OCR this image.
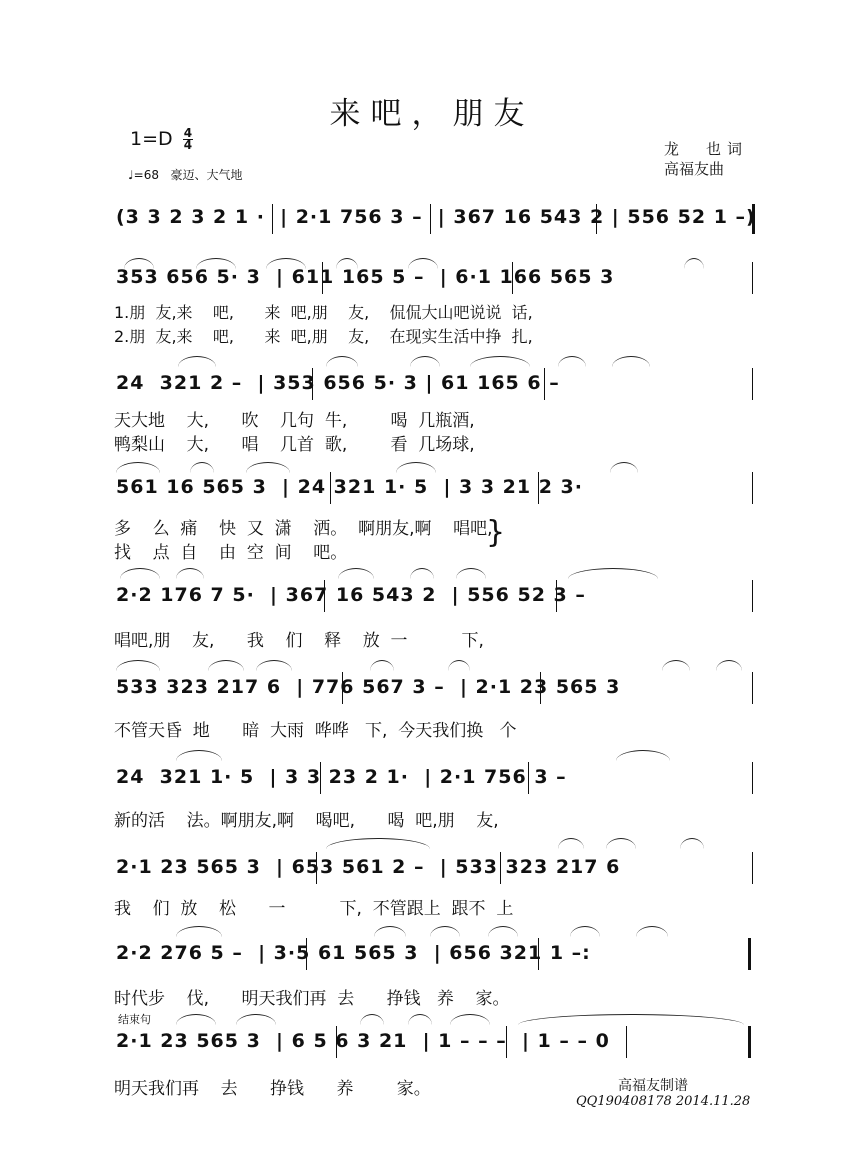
来吧，朋友
$1=D \frac{4}{4}$
♩=68 豪迈、大气地
龙　也词
高福友曲
(3 3 2 3 2 1 ·  | 2·1 756 3 –  | 367 16 543 2 | 556 52 1 –)
353 656 5· 3  | 611 165 5 –  | 6·1 166 565 3
1.朋  友,来    吧,      来  吧,朋    友,    侃侃大山吧说说  话,
2.朋  友,来    吧,      来  吧,朋    友,    在现实生活中挣  扎,
24  321 2 –  | 353 656 5· 3 | 61 165 6 –
天大地    大,      吹    几句  牛,        喝  几瓶酒,
鸭梨山    大,      唱    几首  歌,        看  几场球,
561 16 565 3  | 24 321 1· 5  | 3 3 21 2 3·
多    么  痛    快  又  潇    洒。  啊朋友,啊    唱吧,
找    点  自    由  空  间    吧。
}
2·2 176 7 5·  | 367 16 543 2  | 556 52 3 –
唱吧,朋    友,      我    们    释    放  一          下,
533 323 217 6  | 776 567 3 –  | 2·1 23 565 3
不管天昏  地      暗  大雨  哗哗   下,  今天我们换   个
24  321 1· 5  | 3 3 23 2 1·  | 2·1 756 3 –
新的活    法。啊朋友,啊    喝吧,      喝  吧,朋    友,
2·1 23 565 3  | 653 561 2 –  | 533 323 217 6
我    们  放    松      一          下,  不管跟上  跟不  上
2·2 276 5 –  | 3·5 61 565 3  | 656 321 1 –:
时代步    伐,      明天我们再  去      挣钱   养    家。
结束句
2·1 23 565 3  | 6 5 6 3 21  | 1 – – –  | 1 – – 0
明天我们再    去      挣钱      养        家。	高福友制谱
QQ190408178 2014.11.28
